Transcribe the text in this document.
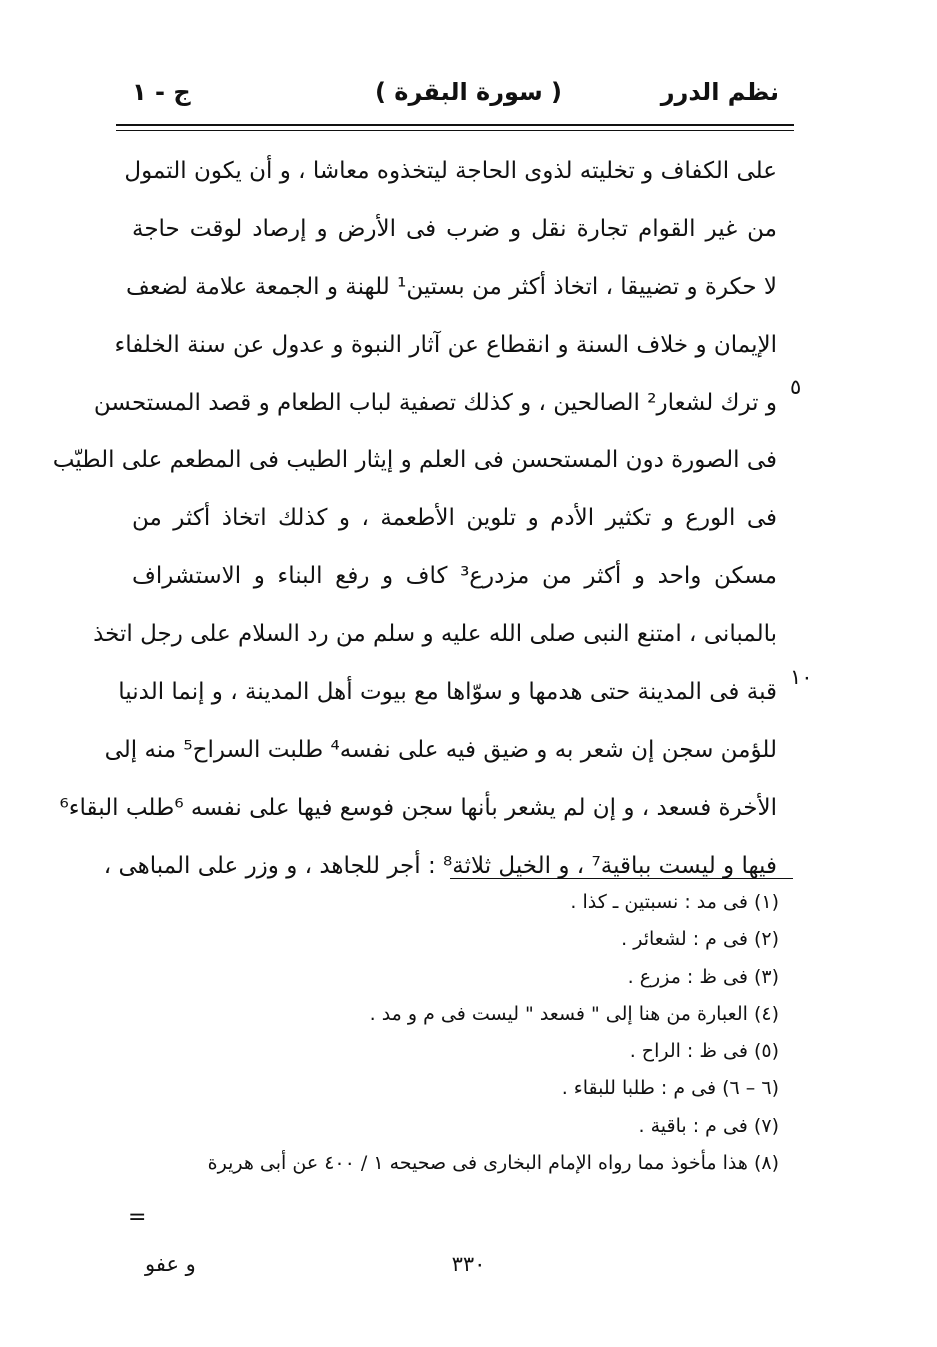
نظم الدرر
( سورة البقرة )
ج - ١
على الكفاف و تخليته لذوى الحاجة ليتخذوه معاشا ، و أن يكون التمول
من غير القوام تجارة نقل و ضرب فى الأرض و إرصاد لوقت حاجة
لا حكرة و تضييقا ، اتخاذ أكثر من بستين¹ للهنة و الجمعة علامة لضعف
الإيمان و خلاف السنة و انقطاع عن آثار النبوة و عدول عن سنة الخلفاء
و ترك لشعار² الصالحين ، و كذلك تصفية لباب الطعام و قصد المستحسن
فى الصورة دون المستحسن فى العلم و إيثار الطيب فى المطعم على الطيّب
فى الورع و تكثير الأدم و تلوين الأطعمة ، و كذلك اتخاذ أكثر من
مسكن واحد و أكثر من مزدرع³ كاف و رفع البناء و الاستشراف
بالمبانى ، امتنع النبى صلى الله عليه و سلم من رد السلام على رجل اتخذ
قبة فى المدينة حتى هدمها و سوّاها مع بيوت أهل المدينة ، و إنما الدنيا
للؤمن سجن إن شعر به و ضيق فيه على نفسه⁴ طلبت السراح⁵ منه إلى
الأخرة فسعد ، و إن لم يشعر بأنها سجن فوسع فيها على نفسه ⁶طلب البقاء⁶
فيها و ليست بباقية⁷ ، و الخيل ثلاثة⁸ : أجر للجاهد ، و وزر على المباهى ،
٥
١٠
(١) فى مد : نسبتين ـ كذا .
(٢) فى م : لشعائر .
(٣) فى ظ : مزرع .
(٤) العبارة من هنا إلى " فسعد " ليست فى م و مد .
(٥) فى ظ : الراح .
(٦ – ٦) فى م : طلبا للبقاء .
(٧) فى م : باقية .
(٨) هذا مأخوذ مما رواه الإمام البخارى فى صحيحه ١ / ٤٠٠ عن أبى هريرة
=
و عفو	٣٣٠
